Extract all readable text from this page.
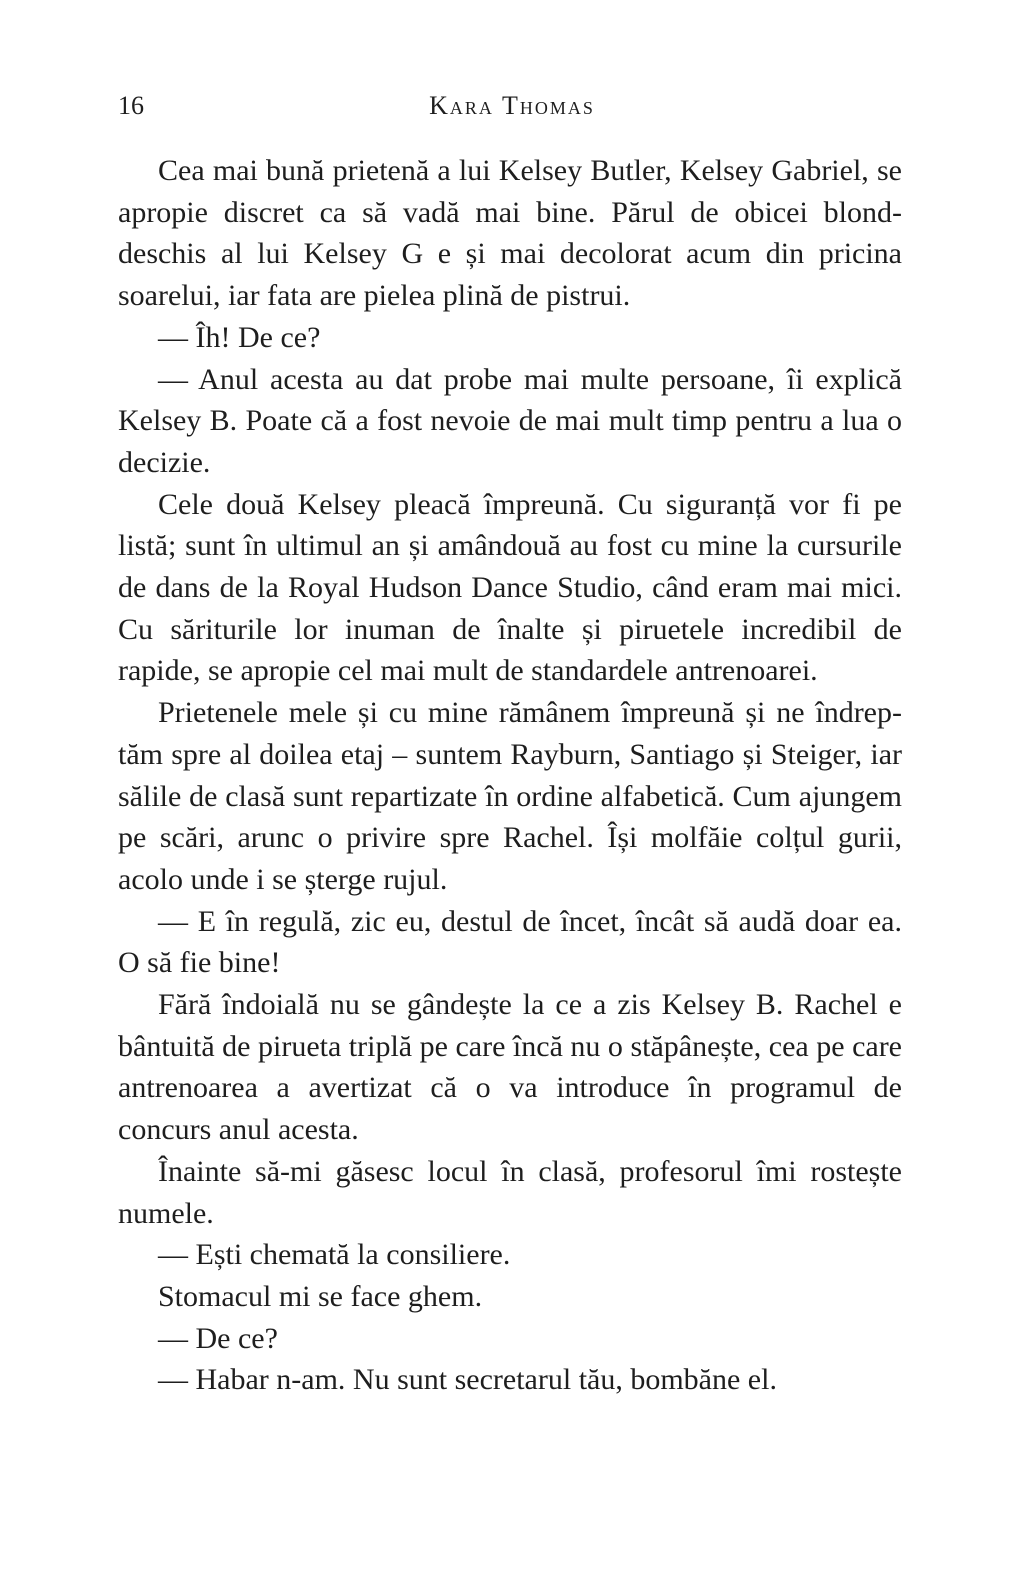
16	Kara Thomas

Cea mai bună prietenă a lui Kelsey Butler, Kelsey Gabriel, se apropie discret ca să vadă mai bine. Părul de obicei blond-deschis al lui Kelsey G e și mai decolorat acum din pricina soarelui, iar fata are pielea plină de pistrui.

— Îh! De ce?

— Anul acesta au dat probe mai multe persoane, îi explică Kelsey B. Poate că a fost nevoie de mai mult timp pentru a lua o decizie.

Cele două Kelsey pleacă împreună. Cu siguranță vor fi pe listă; sunt în ultimul an și amândouă au fost cu mine la cursurile de dans de la Royal Hudson Dance Studio, când eram mai mici. Cu săriturile lor inuman de înalte și piruetele incredibil de rapide, se apropie cel mai mult de standardele antrenoarei.

Prietenele mele și cu mine rămânem împreună și ne îndreptăm spre al doilea etaj – suntem Rayburn, Santiago și Steiger, iar sălile de clasă sunt repartizate în ordine alfabetică. Cum ajungem pe scări, arunc o privire spre Rachel. Își molfăie colțul gurii, acolo unde i se șterge rujul.

— E în regulă, zic eu, destul de încet, încât să audă doar ea. O să fie bine!

Fără îndoială nu se gândește la ce a zis Kelsey B. Rachel e bântuită de pirueta triplă pe care încă nu o stăpânește, cea pe care antrenoarea a avertizat că o va introduce în programul de concurs anul acesta.

Înainte să-mi găsesc locul în clasă, profesorul îmi rostește numele.

— Ești chemată la consiliere.

Stomacul mi se face ghem.

— De ce?

— Habar n-am. Nu sunt secretarul tău, bombăne el.
